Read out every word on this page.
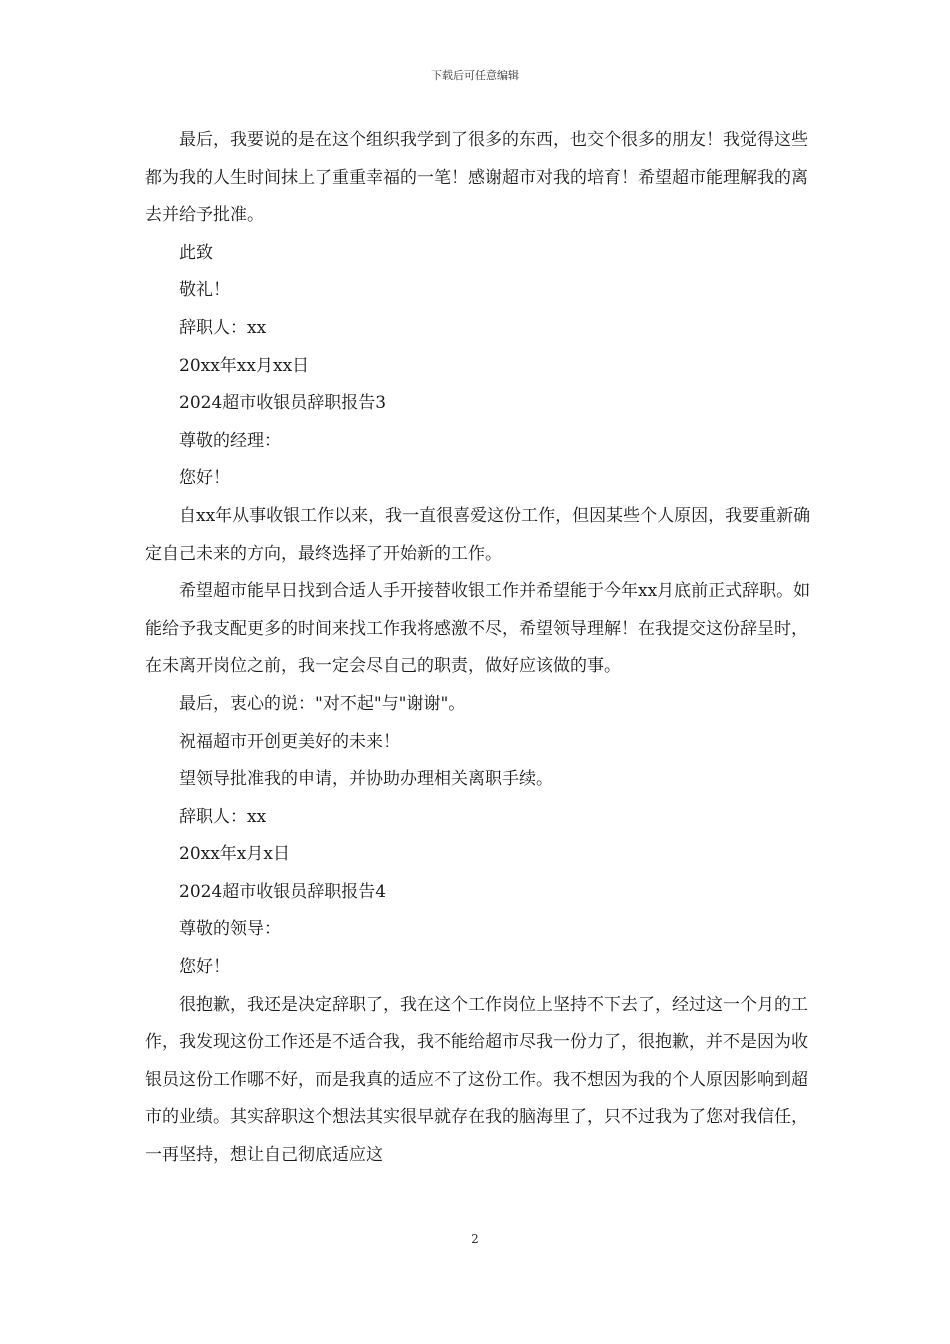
下载后可任意编辑

最后，我要说的是在这个组织我学到了很多的东西，也交个很多的朋友！我觉得这些都为我的人生时间抹上了重重幸福的一笔！感谢超市对我的培育！希望超市能理解我的离去并给予批准。

此致

敬礼！

辞职人：xx

20xx年xx月xx日

2024超市收银员辞职报告3

尊敬的经理：

您好！

自xx年从事收银工作以来，我一直很喜爱这份工作，但因某些个人原因，我要重新确定自己未来的方向，最终选择了开始新的工作。

希望超市能早日找到合适人手开接替收银工作并希望能于今年xx月底前正式辞职。如能给予我支配更多的时间来找工作我将感激不尽，希望领导理解！在我提交这份辞呈时，在未离开岗位之前，我一定会尽自己的职责，做好应该做的事。

最后，衷心的说："对不起"与"谢谢"。

祝福超市开创更美好的未来！

望领导批准我的申请，并协助办理相关离职手续。

辞职人：xx

20xx年x月x日

2024超市收银员辞职报告4

尊敬的领导：

您好！

很抱歉，我还是决定辞职了，我在这个工作岗位上坚持不下去了，经过这一个月的工作，我发现这份工作还是不适合我，我不能给超市尽我一份力了，很抱歉，并不是因为收银员这份工作哪不好，而是我真的适应不了这份工作。我不想因为我的个人原因影响到超市的业绩。其实辞职这个想法其实很早就存在我的脑海里了，只不过我为了您对我信任，一再坚持，想让自己彻底适应这

2
